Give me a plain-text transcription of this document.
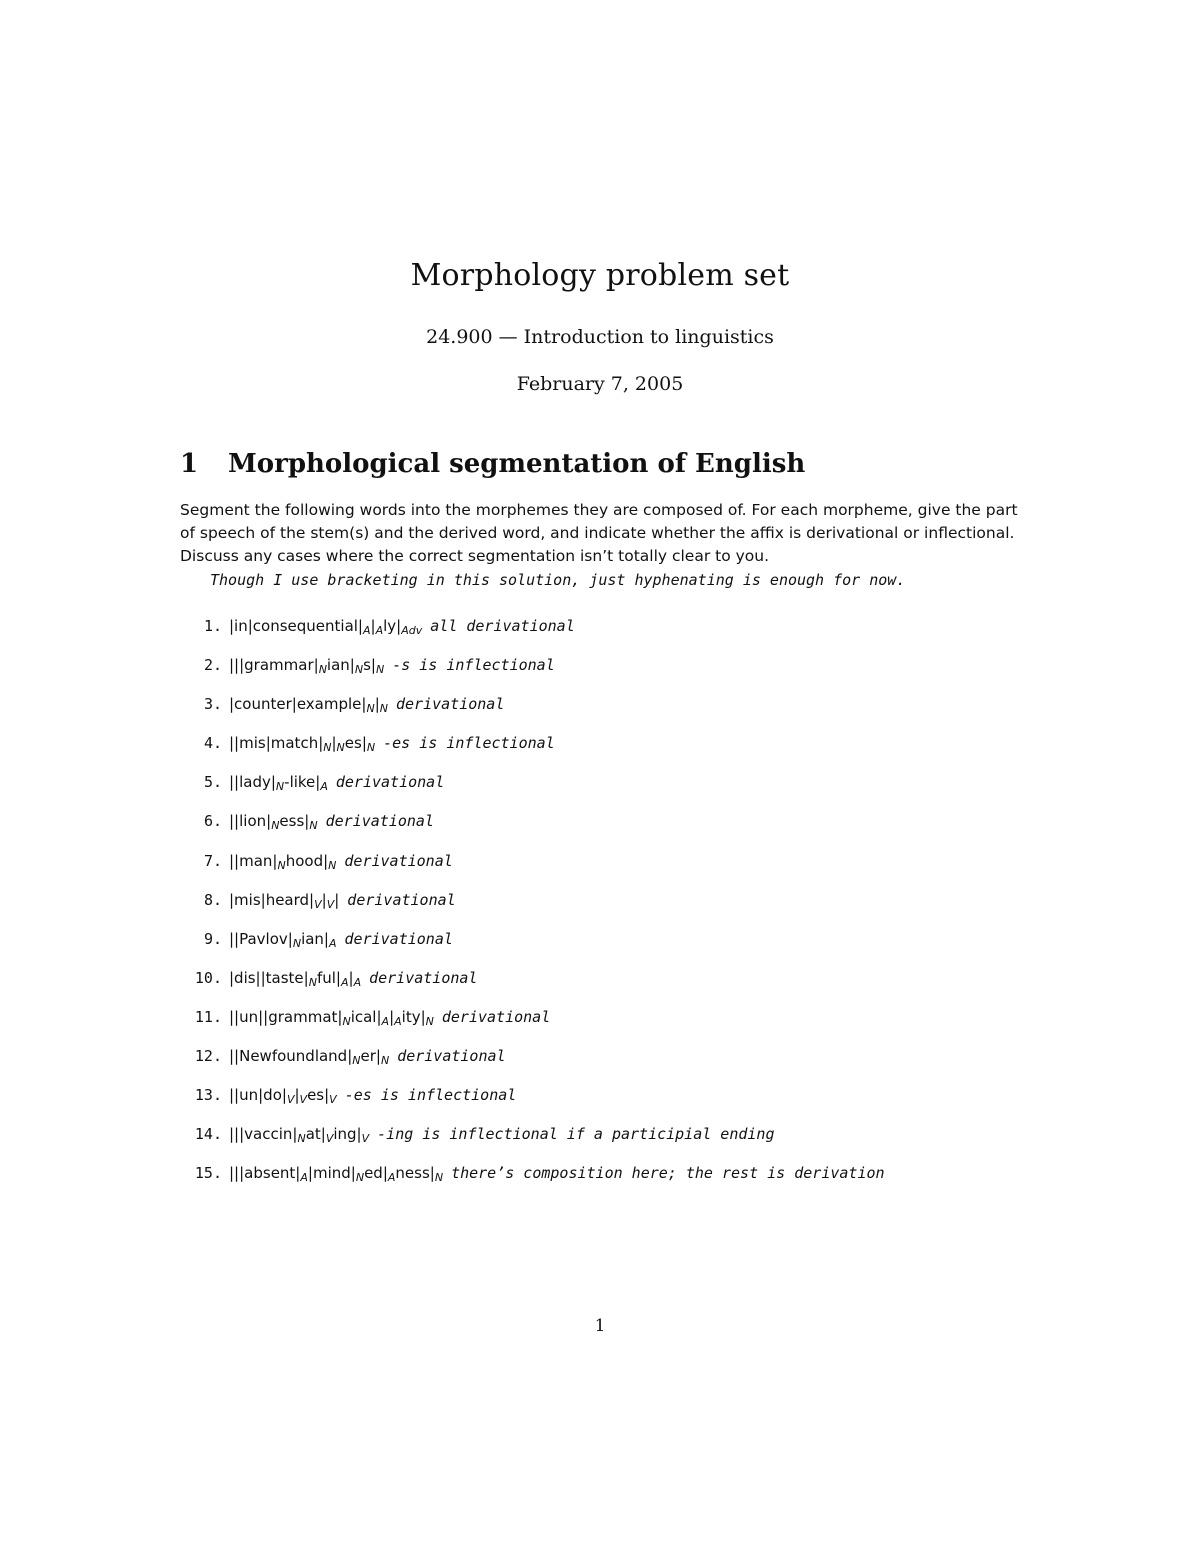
Morphology problem set
24.900 — Introduction to linguistics
February 7, 2005
1 Morphological segmentation of English

Segment the following words into the morphemes they are composed of. For each morpheme, give the part of speech of the stem(s) and the derived word, and indicate whether the affix is derivational or inflectional. Discuss any cases where the correct segmentation isn’t totally clear to you.

Though I use bracketing in this solution, just hyphenating is enough for now.
1. $|in|consequential|_A|_Aly|_{Adv}$ all derivational
2. $|||grammar|_Nian|_Ns|_N$ -s is inflectional
3. $|counter|example|_N|_N$ derivational
4. $||mis|match|_N|_Nes|_N$ -es is inflectional
5. $||lady|_N-like|_A$ derivational
6. $||lion|_Ness|_N$ derivational
7. $||man|_Nhood|_N$ derivational
8. $|mis|heard|_V|_V|$ derivational
9. $||Pavlov|_Nian|_A$ derivational
10. $|dis||taste|_Nful|_A|_A$ derivational
11. $||un||grammat|_Nical|_A|_Aity|_N$ derivational
12. $||Newfoundland|_Ner|_N$ derivational
13. $||un|do|_V|_Ves|_V$ -es is inflectional
14. $|||vaccin|_Nat|_Ving|_V$ -ing is inflectional if a participial ending
15. $|||absent|_A|\min d|_Ned|_Aness|_N$ there’s composition here; the rest is derivation
1
